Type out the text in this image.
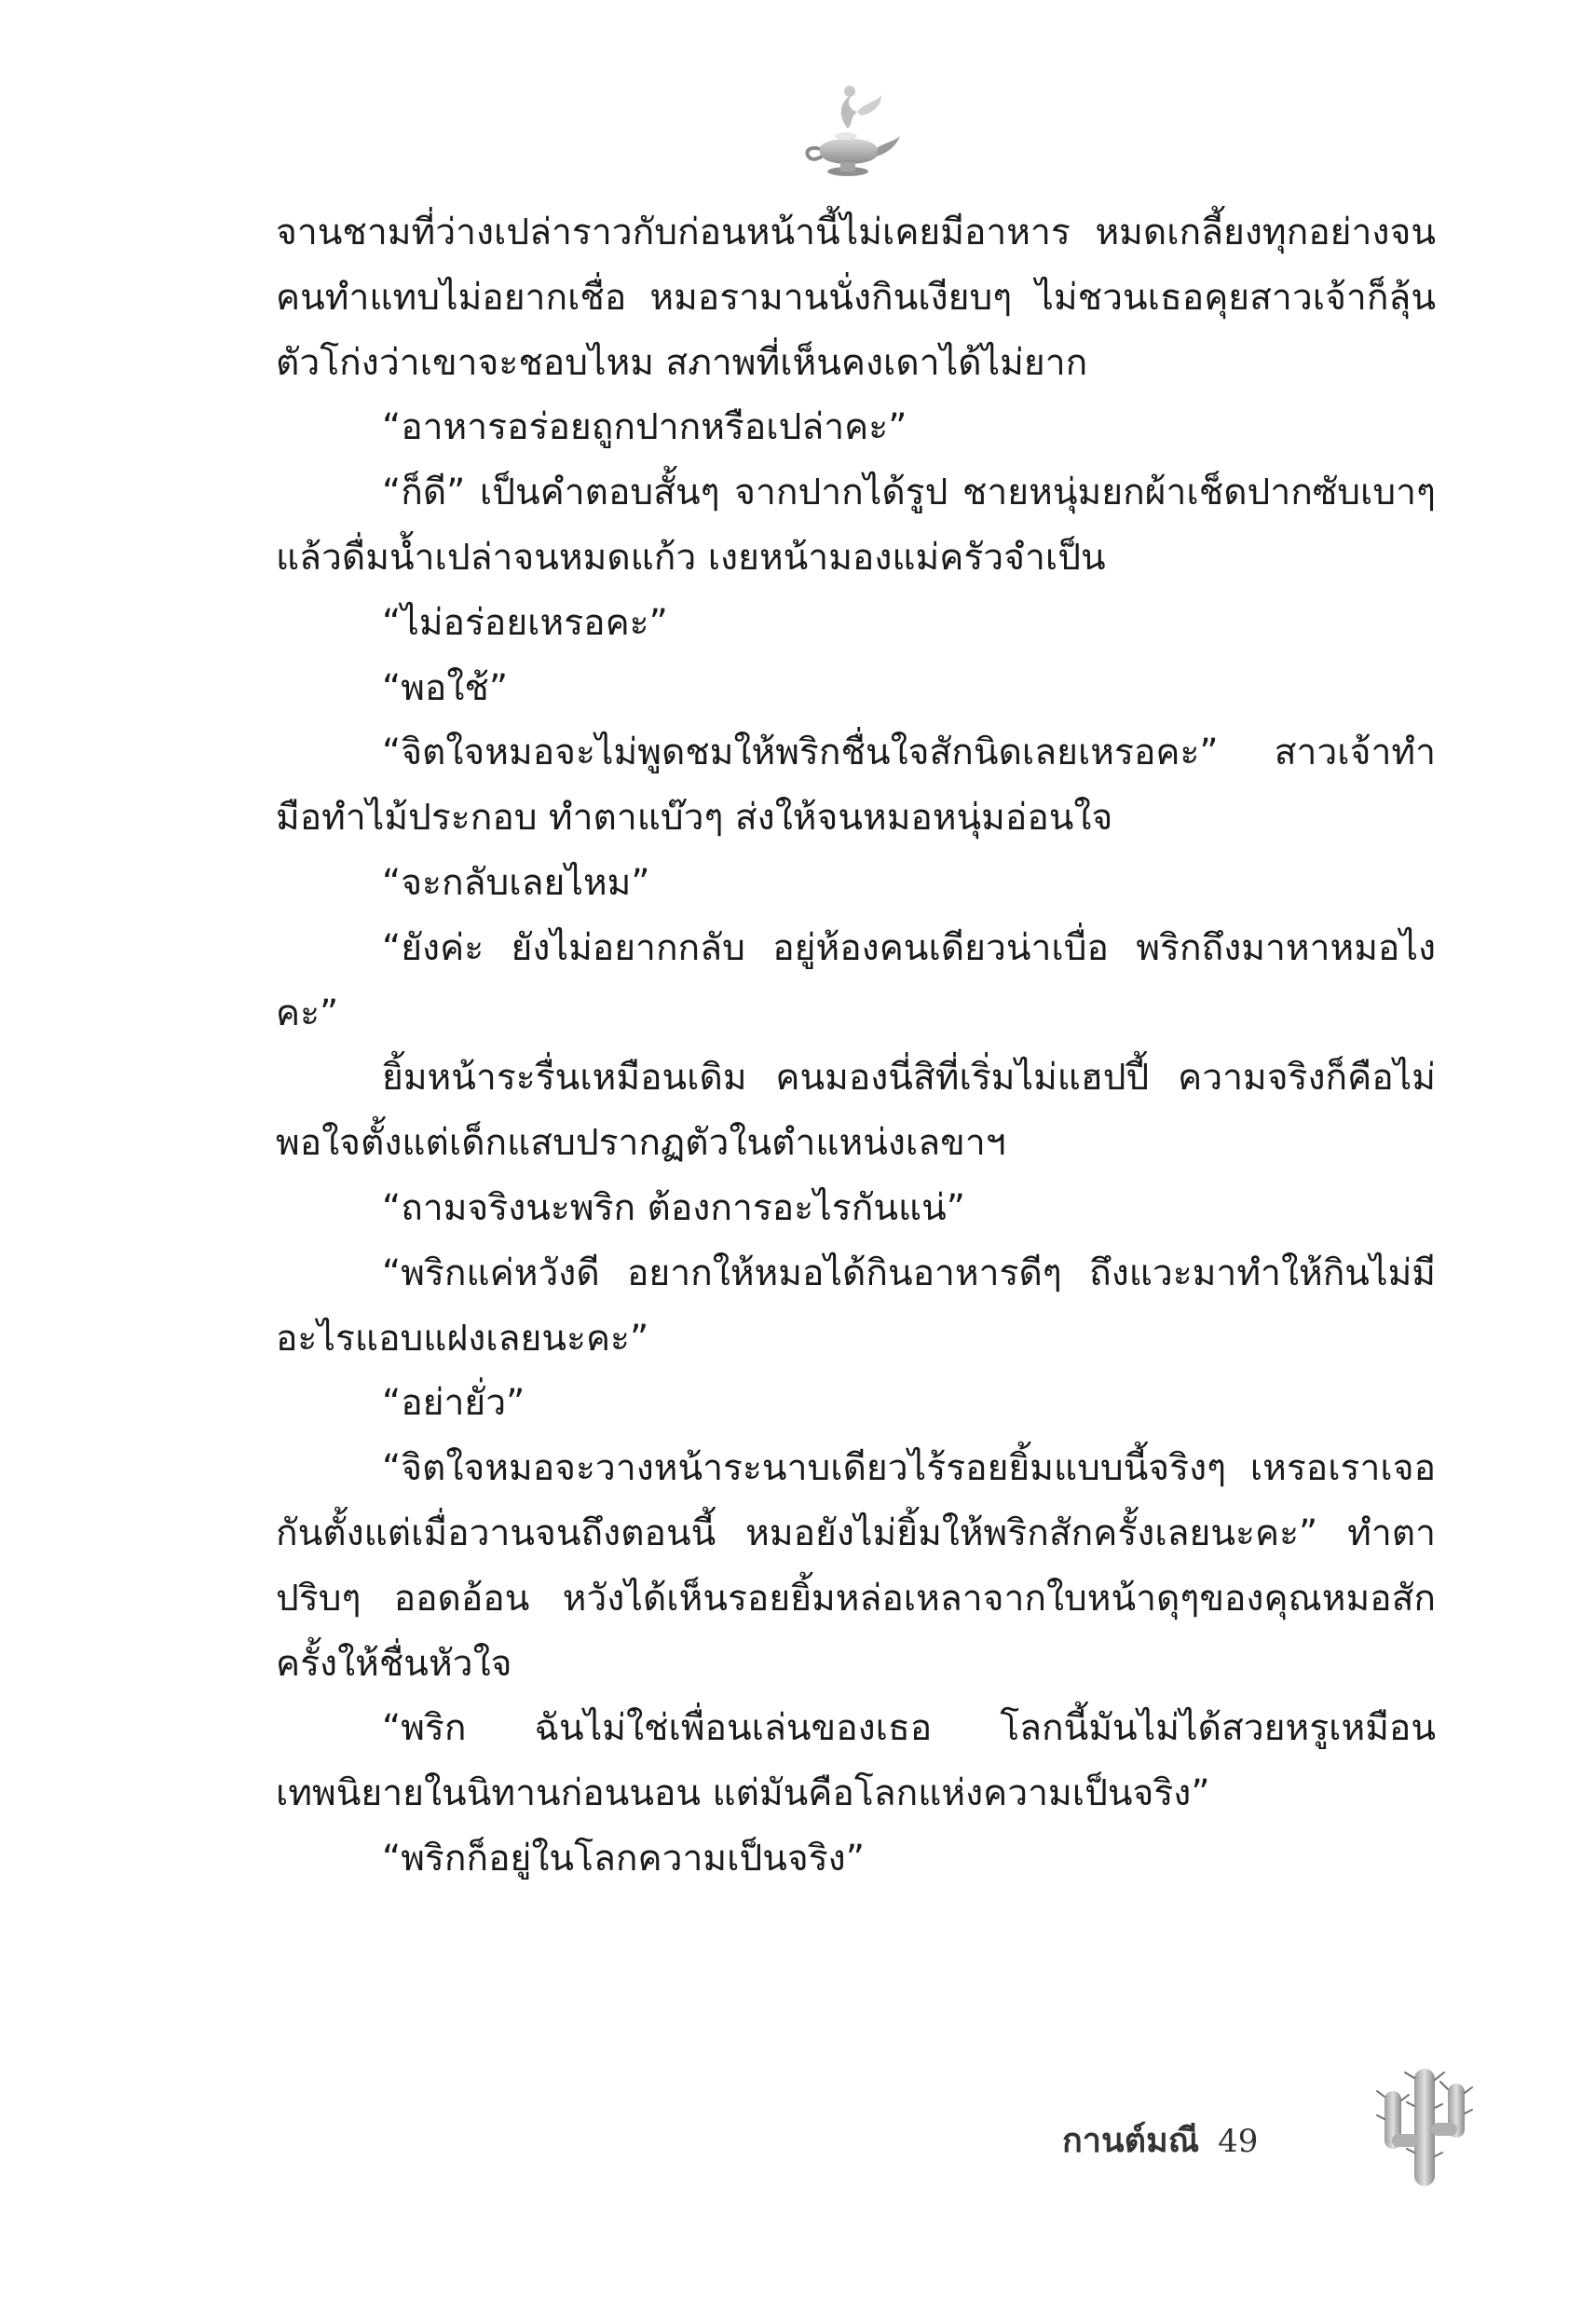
จานชามที่ว่างเปล่าราวกับก่อนหน้านี้ไม่เคยมีอาหาร หมดเกลี้ยงทุกอย่างจนคนทำแทบไม่อยากเชื่อ หมอรามานนั่งกินเงียบๆ ไม่ชวนเธอคุยสาวเจ้าก็ลุ้นตัวโก่งว่าเขาจะชอบไหม สภาพที่เห็นคงเดาได้ไม่ยาก

“อาหารอร่อยถูกปากหรือเปล่าคะ”

“ก็ดี” เป็นคำตอบสั้นๆ จากปากได้รูป ชายหนุ่มยกผ้าเช็ดปากซับเบาๆ แล้วดื่มน้ำเปล่าจนหมดแก้ว เงยหน้ามองแม่ครัวจำเป็น

“ไม่อร่อยเหรอคะ”

“พอใช้”

“จิตใจหมอจะไม่พูดชมให้พริกชื่นใจสักนิดเลยเหรอคะ” สาวเจ้าทำมือทำไม้ประกอบ ทำตาแบ๊วๆ ส่งให้จนหมอหนุ่มอ่อนใจ

“จะกลับเลยไหม”

“ยังค่ะ ยังไม่อยากกลับ อยู่ห้องคนเดียวน่าเบื่อ พริกถึงมาหาหมอไงคะ”

ยิ้มหน้าระรื่นเหมือนเดิม คนมองนี่สิที่เริ่มไม่แฮปปี้ ความจริงก็คือไม่พอใจตั้งแต่เด็กแสบปรากฏตัวในตำแหน่งเลขาฯ

“ถามจริงนะพริก ต้องการอะไรกันแน่”

“พริกแค่หวังดี อยากให้หมอได้กินอาหารดีๆ ถึงแวะมาทำให้กินไม่มีอะไรแอบแฝงเลยนะคะ”

“อย่ายั่ว”

“จิตใจหมอจะวางหน้าระนาบเดียวไร้รอยยิ้มแบบนี้จริงๆ เหรอเราเจอกันตั้งแต่เมื่อวานจนถึงตอนนี้ หมอยังไม่ยิ้มให้พริกสักครั้งเลยนะคะ” ทำตาปริบๆ ออดอ้อน หวังได้เห็นรอยยิ้มหล่อเหลาจากใบหน้าดุๆของคุณหมอสักครั้งให้ชื่นหัวใจ

“พริก ฉันไม่ใช่เพื่อนเล่นของเธอ โลกนี้มันไม่ได้สวยหรูเหมือนเทพนิยายในนิทานก่อนนอน แต่มันคือโลกแห่งความเป็นจริง”

“พริกก็อยู่ในโลกความเป็นจริง”

กานต์มณี 49
